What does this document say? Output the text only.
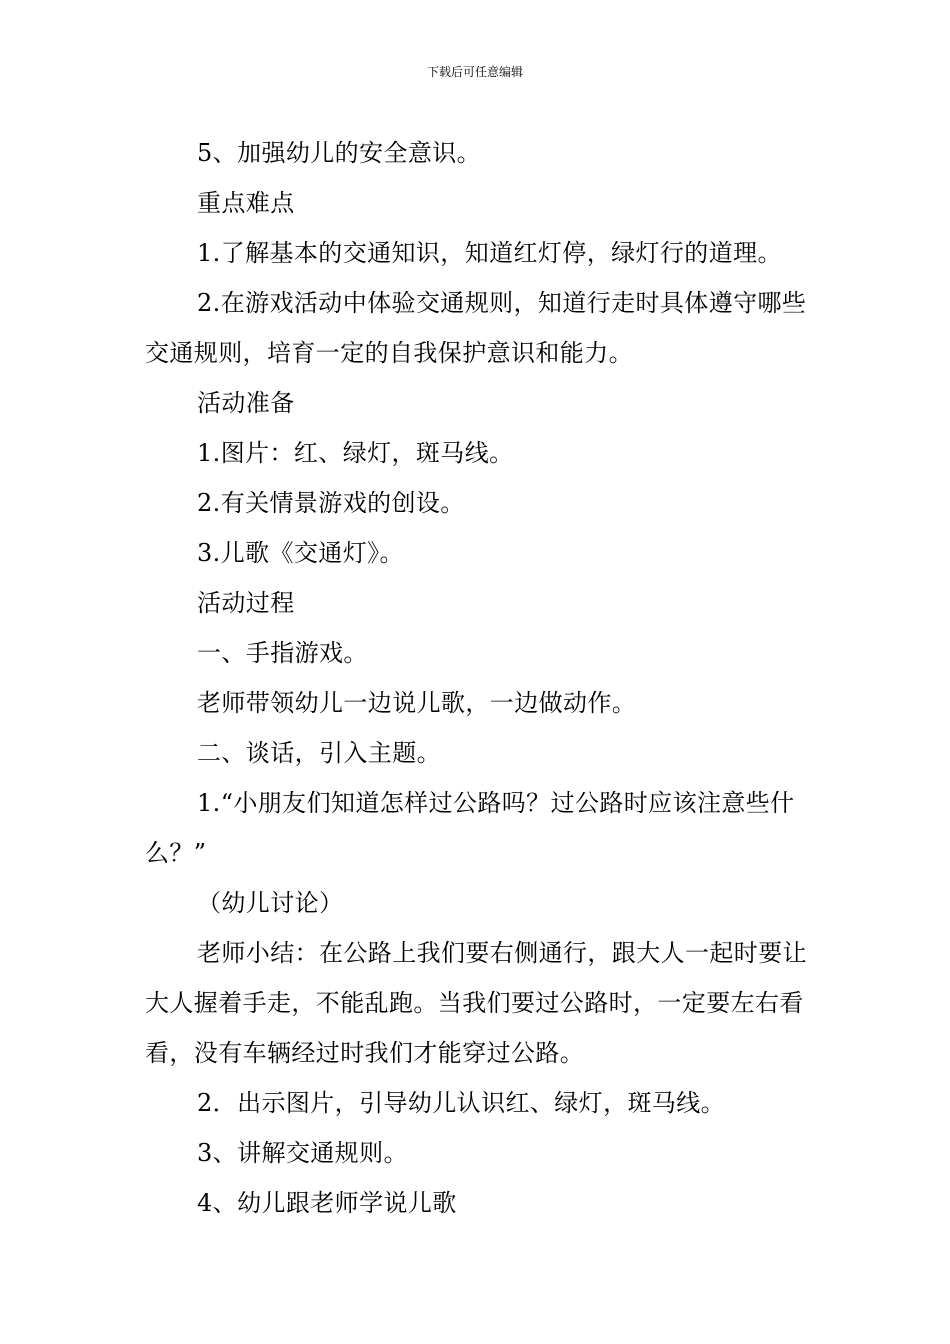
下载后可任意编辑

5、加强幼儿的安全意识。

重点难点

1.了解基本的交通知识，知道红灯停，绿灯行的道理。

2.在游戏活动中体验交通规则，知道行走时具体遵守哪些交通规则，培育一定的自我保护意识和能力。

活动准备

1.图片：红、绿灯，斑马线。

2.有关情景游戏的创设。

3.儿歌《交通灯》。

活动过程

一、手指游戏。

老师带领幼儿一边说儿歌，一边做动作。

二、谈话，引入主题。

1.“小朋友们知道怎样过公路吗？过公路时应该注意些什么？”

（幼儿讨论）

老师小结：在公路上我们要右侧通行，跟大人一起时要让大人握着手走，不能乱跑。当我们要过公路时，一定要左右看看，没有车辆经过时我们才能穿过公路。

2．出示图片，引导幼儿认识红、绿灯，斑马线。

3、讲解交通规则。

4、幼儿跟老师学说儿歌
